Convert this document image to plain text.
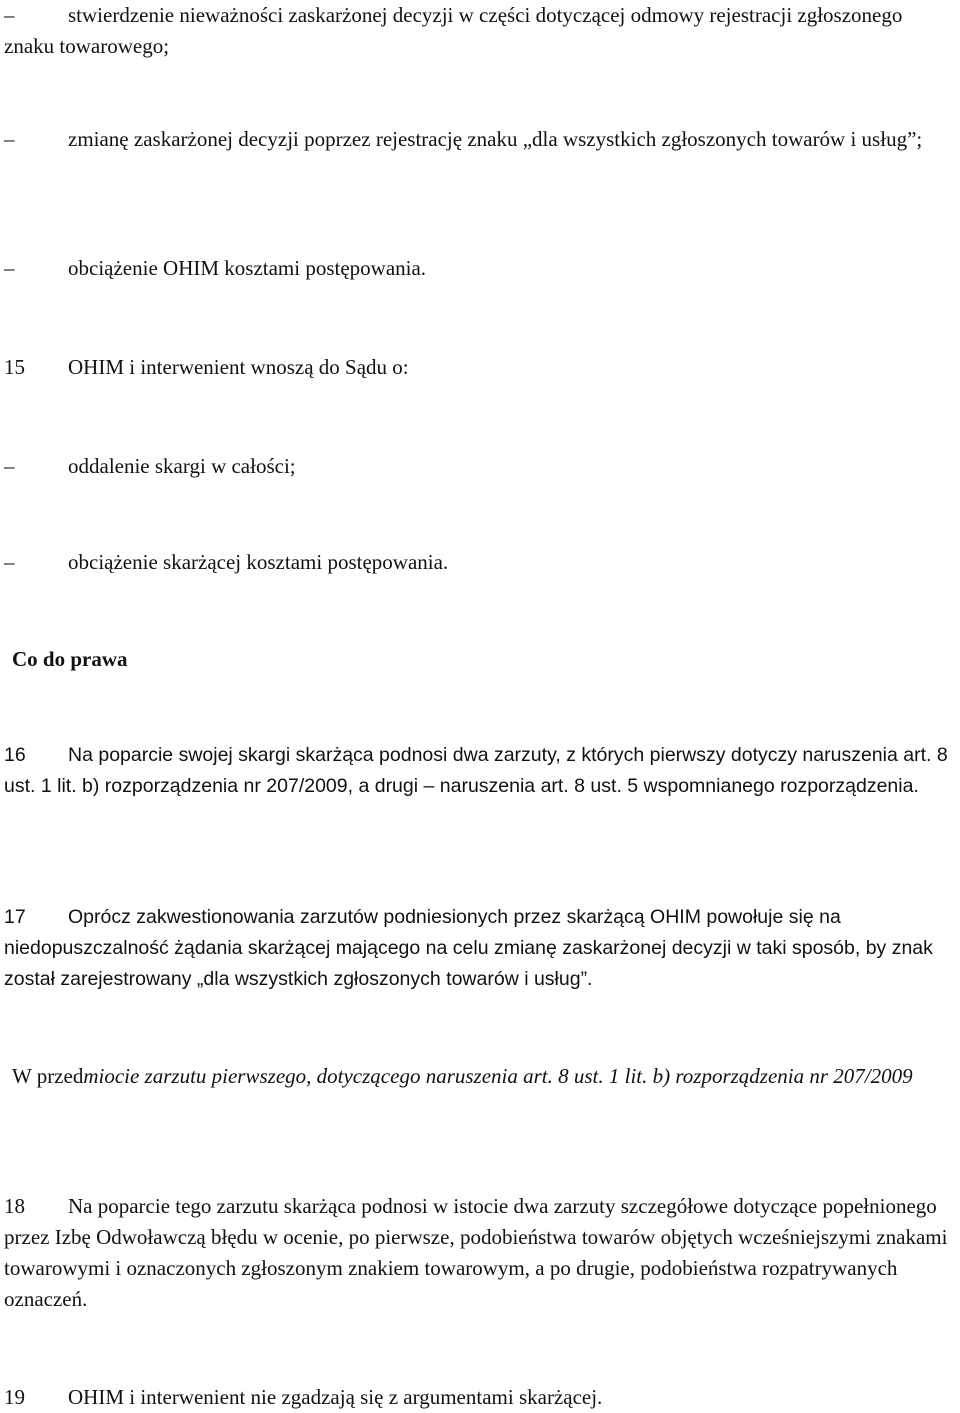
–	stwierdzenie nieważności zaskarżonej decyzji w części dotyczącej odmowy rejestracji zgłoszonego znaku towarowego;
–	zmianę zaskarżonej decyzji poprzez rejestrację znaku „dla wszystkich zgłoszonych towarów i usług”;
–	obciążenie OHIM kosztami postępowania.
15 OHIM i interwenient wnoszą do Sądu o:
–	oddalenie skargi w całości;
–	obciążenie skarżącej kosztami postępowania.
Co do prawa
16 Na poparcie swojej skargi skarżąca podnosi dwa zarzuty, z których pierwszy dotyczy naruszenia art. 8 ust. 1 lit. b) rozporządzenia nr 207/2009, a drugi – naruszenia art. 8 ust. 5 wspomnianego rozporządzenia.
17 Oprócz zakwestionowania zarzutów podniesionych przez skarżącą OHIM powołuje się na niedopuszczalność żądania skarżącej mającego na celu zmianę zaskarżonej decyzji w taki sposób, by znak został zarejestrowany „dla wszystkich zgłoszonych towarów i usług”.
W przedmiocie zarzutu pierwszego, dotyczącego naruszenia art. 8 ust. 1 lit. b) rozporządzenia nr 207/2009
18 Na poparcie tego zarzutu skarżąca podnosi w istocie dwa zarzuty szczegółowe dotyczące popełnionego przez Izbę Odwoławczą błędu w ocenie, po pierwsze, podobieństwa towarów objętych wcześniejszymi znakami towarowymi i oznaczonych zgłoszonym znakiem towarowym, a po drugie, podobieństwa rozpatrywanych oznaczeń.
19 OHIM i interwenient nie zgadzają się z argumentami skarżącej.
